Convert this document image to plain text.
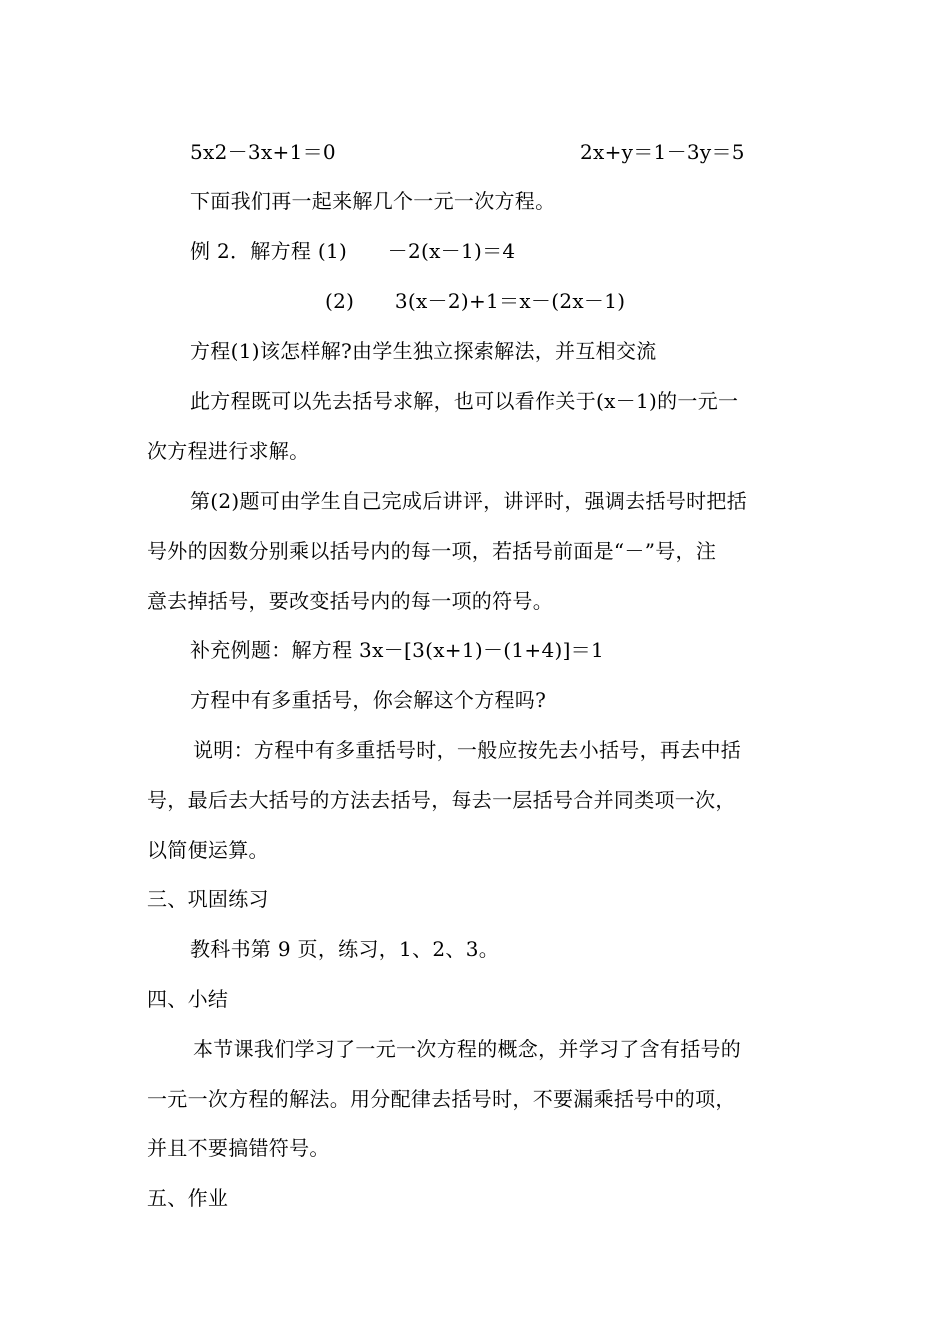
5x2－3x+1＝0	2x+y＝1－3y＝5
下面我们再一起来解几个一元一次方程。
例 2．解方程 (1)　　－2(x－1)＝4
(2)　　3(x－2)+1＝x－(2x－1)
方程(1)该怎样解?由学生独立探索解法，并互相交流
此方程既可以先去括号求解，也可以看作关于(x－1)的一元一
次方程进行求解。
第(2)题可由学生自己完成后讲评，讲评时，强调去括号时把括
号外的因数分别乘以括号内的每一项，若括号前面是“－”号，注
意去掉括号，要改变括号内的每一项的符号。
补充例题：解方程 3x－[3(x+1)－(1+4)]＝1
方程中有多重括号，你会解这个方程吗?
说明：方程中有多重括号时，一般应按先去小括号，再去中括
号，最后去大括号的方法去括号，每去一层括号合并同类项一次，
以简便运算。
三、巩固练习
教科书第 9 页，练习，1、2、3。
四、小结
本节课我们学习了一元一次方程的概念，并学习了含有括号的
一元一次方程的解法。用分配律去括号时，不要漏乘括号中的项，
并且不要搞错符号。
五、作业
